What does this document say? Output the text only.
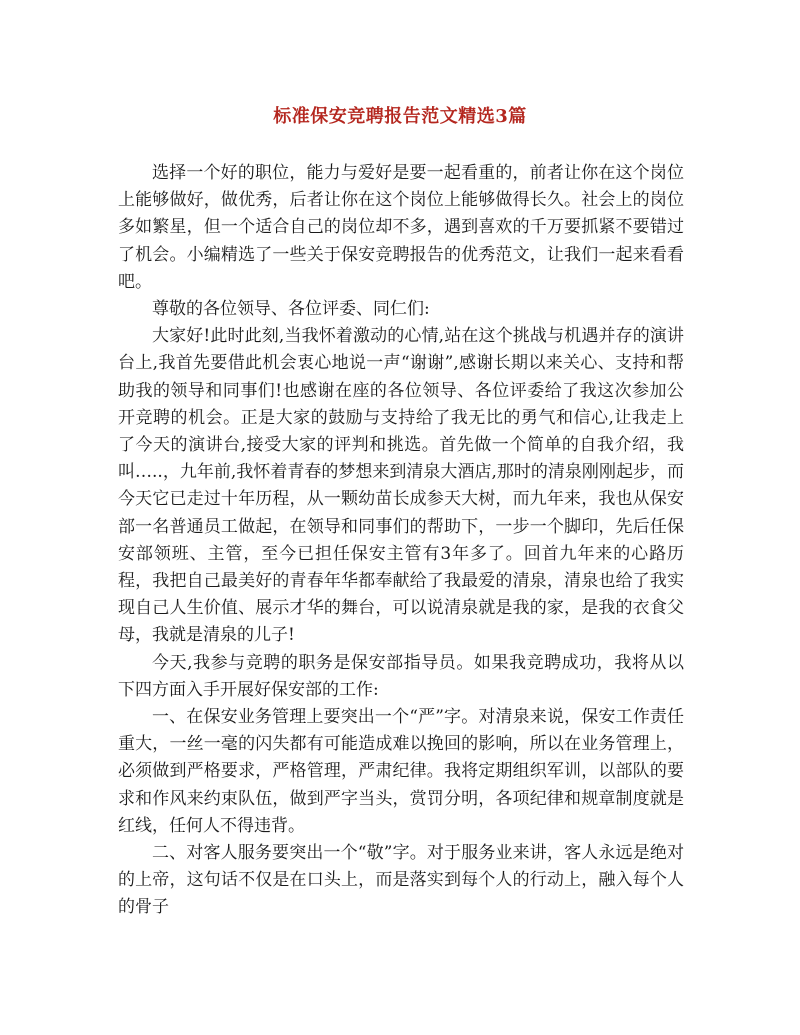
标准保安竞聘报告范文精选3篇

选择一个好的职位，能力与爱好是要一起看重的，前者让你在这个岗位上能够做好，做优秀，后者让你在这个岗位上能够做得长久。社会上的岗位多如繁星，但一个适合自己的岗位却不多，遇到喜欢的千万要抓紧不要错过了机会。小编精选了一些关于保安竞聘报告的优秀范文，让我们一起来看看吧。

尊敬的各位领导、各位评委、同仁们:

大家好!此时此刻,当我怀着激动的心情,站在这个挑战与机遇并存的演讲台上,我首先要借此机会衷心地说一声“谢谢”,感谢长期以来关心、支持和帮助我的领导和同事们!也感谢在座的各位领导、各位评委给了我这次参加公开竞聘的机会。正是大家的鼓励与支持给了我无比的勇气和信心,让我走上了今天的演讲台,接受大家的评判和挑选。首先做一个简单的自我介绍，我叫…..，九年前,我怀着青春的梦想来到清泉大酒店,那时的清泉刚刚起步，而今天它已走过十年历程，从一颗幼苗长成参天大树，而九年来，我也从保安部一名普通员工做起，在领导和同事们的帮助下，一步一个脚印，先后任保安部领班、主管，至今已担任保安主管有3年多了。回首九年来的心路历程，我把自己最美好的青春年华都奉献给了我最爱的清泉，清泉也给了我实现自己人生价值、展示才华的舞台，可以说清泉就是我的家，是我的衣食父母，我就是清泉的儿子!

今天,我参与竞聘的职务是保安部指导员。如果我竞聘成功，我将从以下四方面入手开展好保安部的工作:

一、在保安业务管理上要突出一个“严”字。对清泉来说，保安工作责任重大，一丝一毫的闪失都有可能造成难以挽回的影响，所以在业务管理上，必须做到严格要求，严格管理，严肃纪律。我将定期组织军训，以部队的要求和作风来约束队伍，做到严字当头，赏罚分明，各项纪律和规章制度就是红线，任何人不得违背。

二、对客人服务要突出一个“敬”字。对于服务业来讲，客人永远是绝对的上帝，这句话不仅是在口头上，而是落实到每个人的行动上，融入每个人的骨子
